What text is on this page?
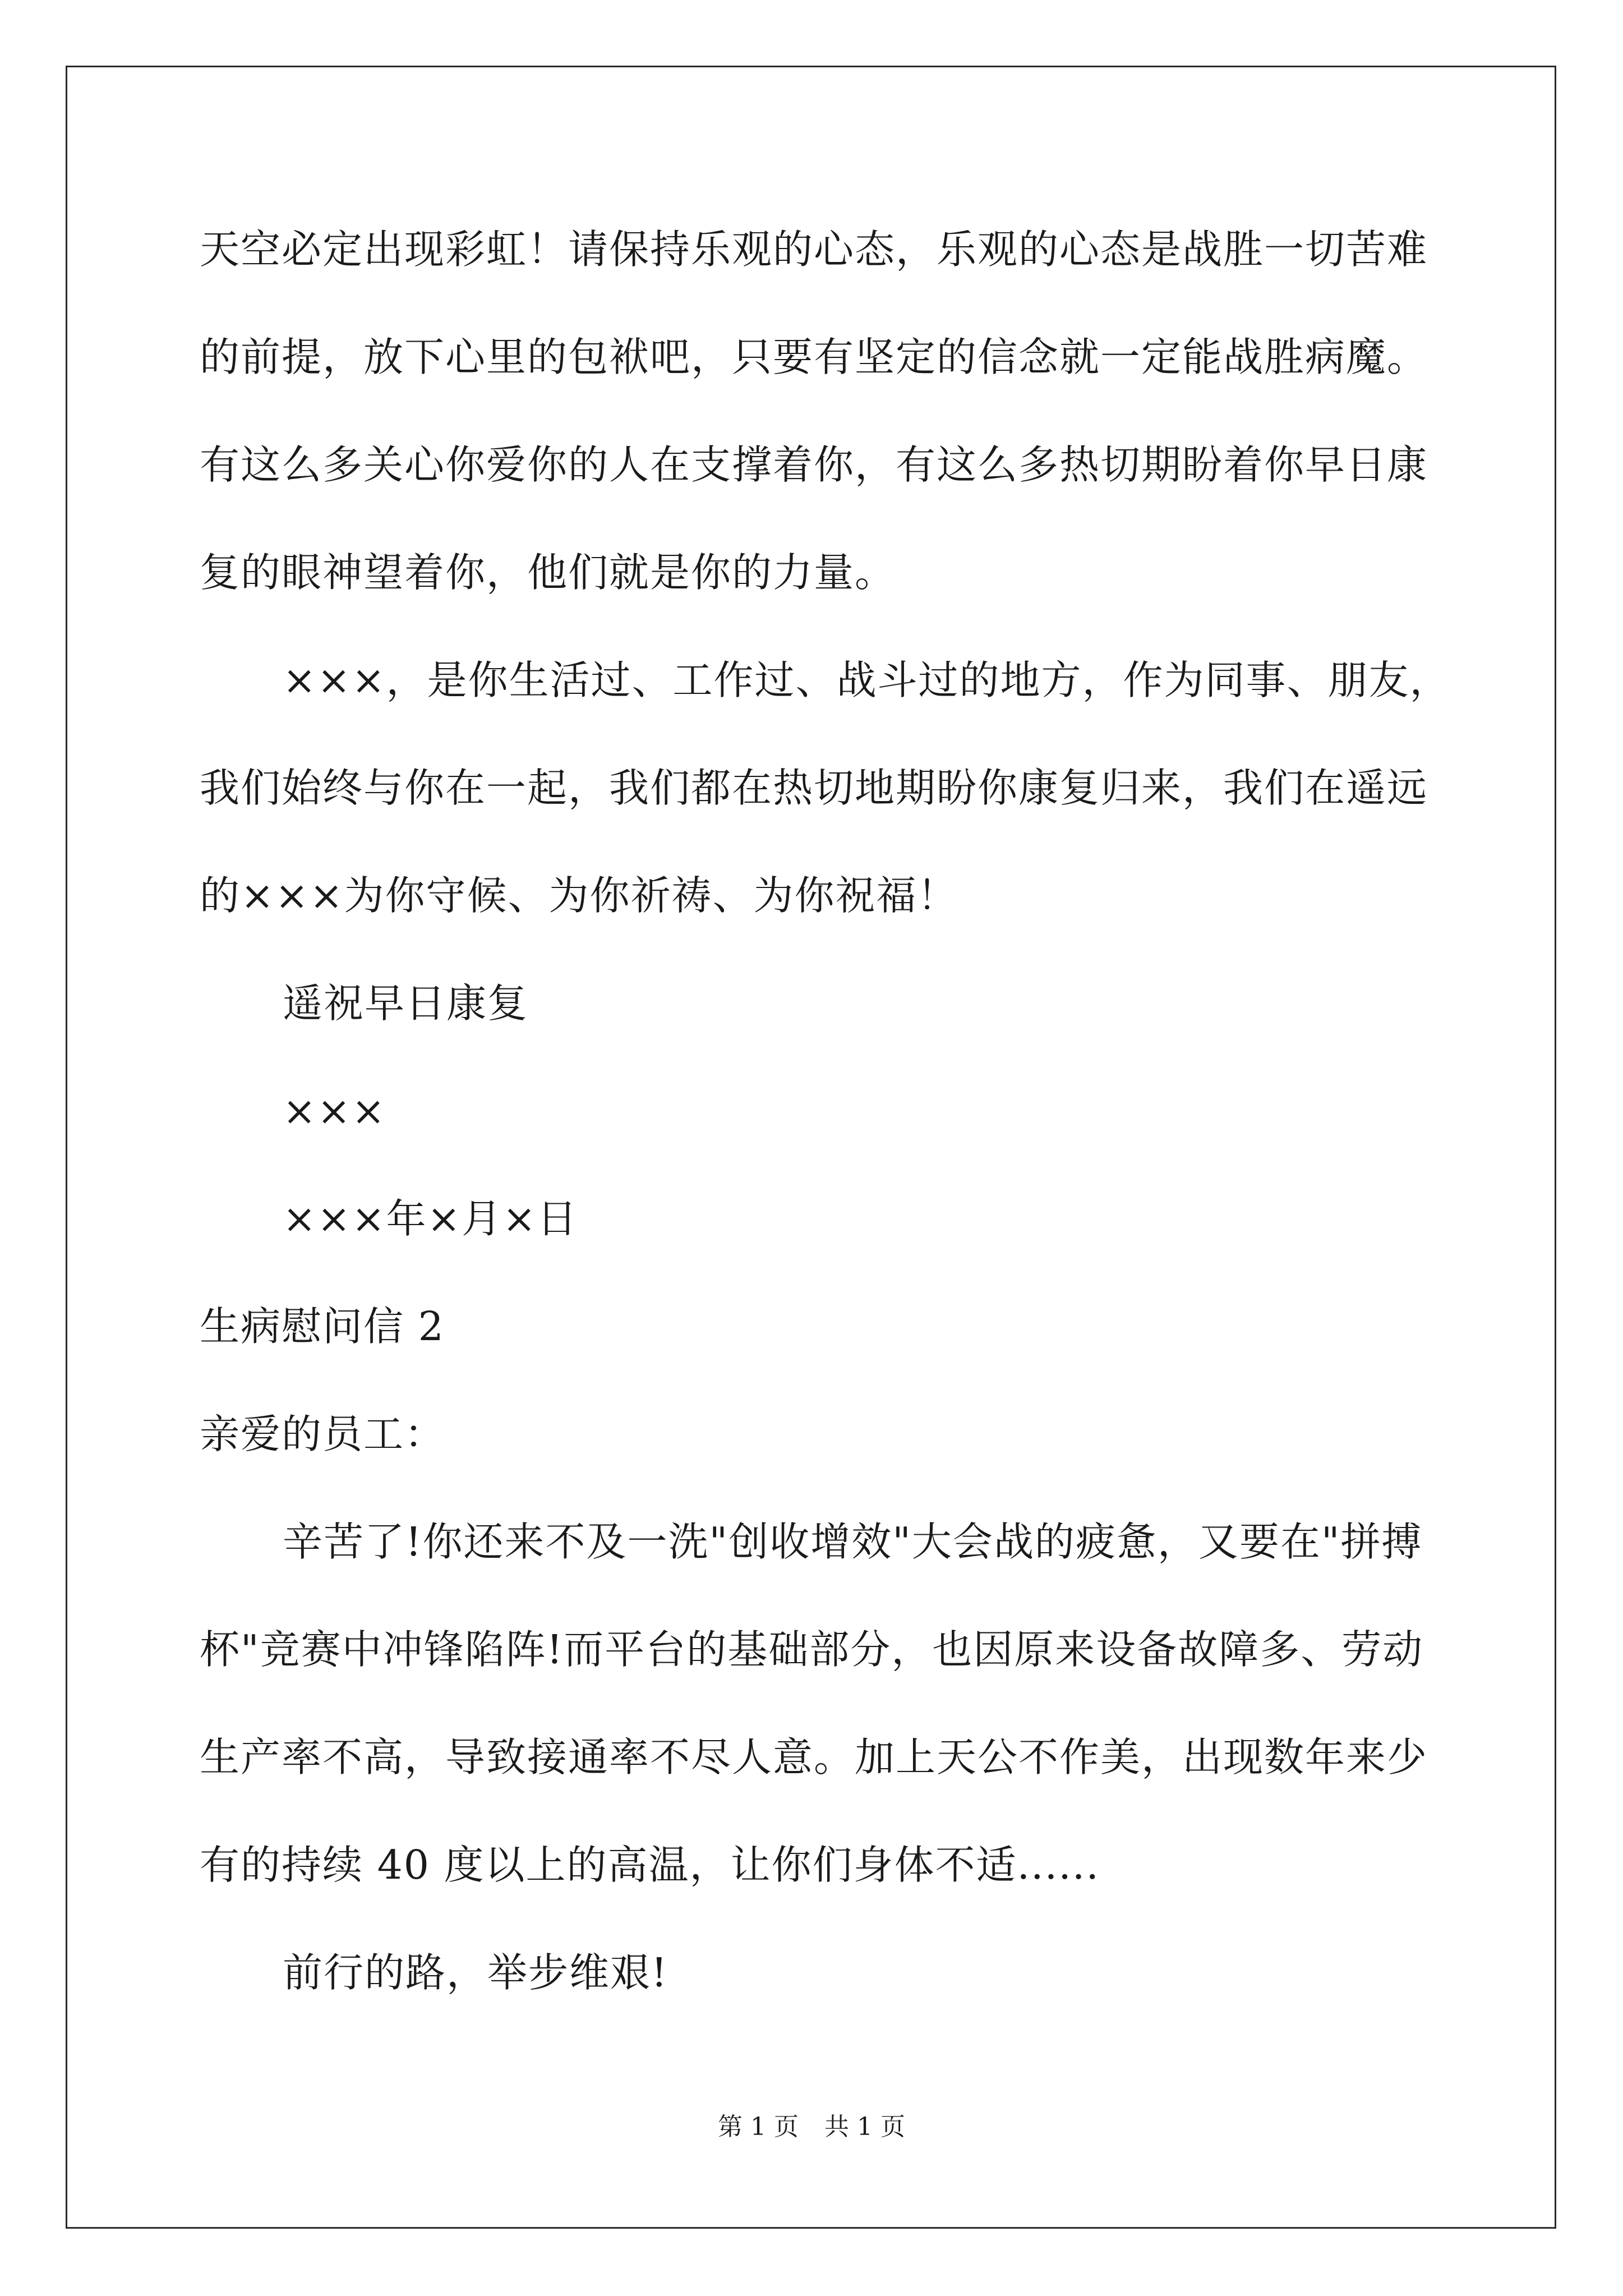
天空必定出现彩虹！请保持乐观的心态，乐观的心态是战胜一切苦难
的前提，放下心里的包袱吧，只要有坚定的信念就一定能战胜病魔。
有这么多关心你爱你的人在支撑着你，有这么多热切期盼着你早日康
复的眼神望着你，他们就是你的力量。
×××，是你生活过、工作过、战斗过的地方，作为同事、朋友，
我们始终与你在一起，我们都在热切地期盼你康复归来，我们在遥远
的×××为你守候、为你祈祷、为你祝福！
遥祝早日康复
×××
×××年×月×日
生病慰问信 2
亲爱的员工：
辛苦了!你还来不及一洗"创收增效"大会战的疲惫，又要在"拼搏
杯"竞赛中冲锋陷阵!而平台的基础部分，也因原来设备故障多、劳动
生产率不高，导致接通率不尽人意。加上天公不作美，出现数年来少
有的持续 40 度以上的高温，让你们身体不适......
前行的路，举步维艰!
第 1 页 共 1 页
